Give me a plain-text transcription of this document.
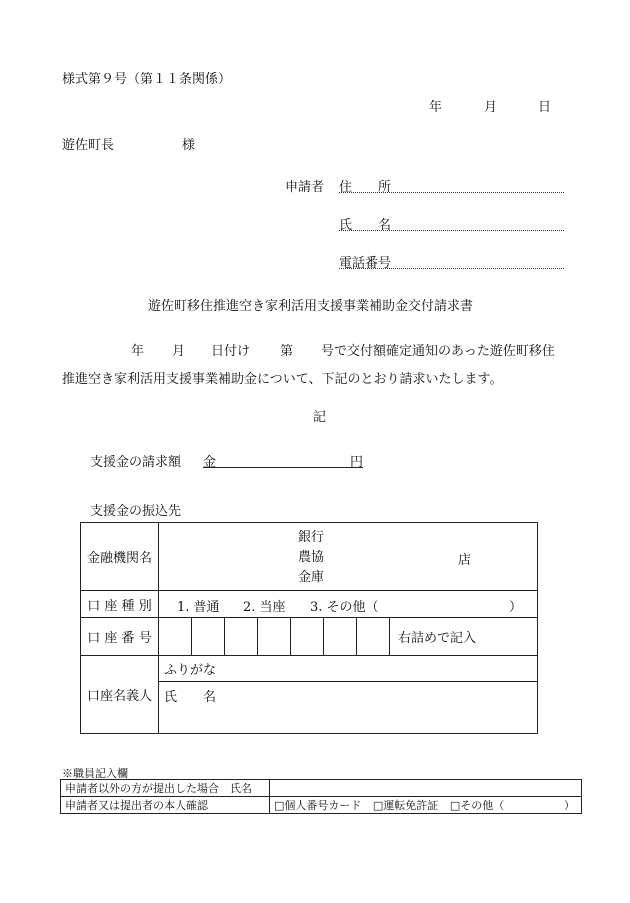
様式第９号（第１１条関係）
年	月	日
遊佐町長	様
申請者 住　　所
氏　　名
電話番号
遊佐町移住推進空き家利活用支援事業補助金交付請求書
年 月 日付け 第 号で交付額確定通知のあった遊佐町移住
推進空き家利活用支援事業補助金について、下記のとおり請求いたします。
記
支援金の請求額 金	円
支援金の振込先
金融機関名	銀行
農協
金庫
店							

口 座 種 別	1. 普通 2. 当座 3. その他（ ）							

口 座 番 号								右詰めで記入
口座名義人	ふりがな							
	氏　　名							
※職員記入欄
申請者以外の方が提出した場合　氏名	
申請者又は提出者の本人確認	□個人番号カード □運転免許証 □その他（ ）
